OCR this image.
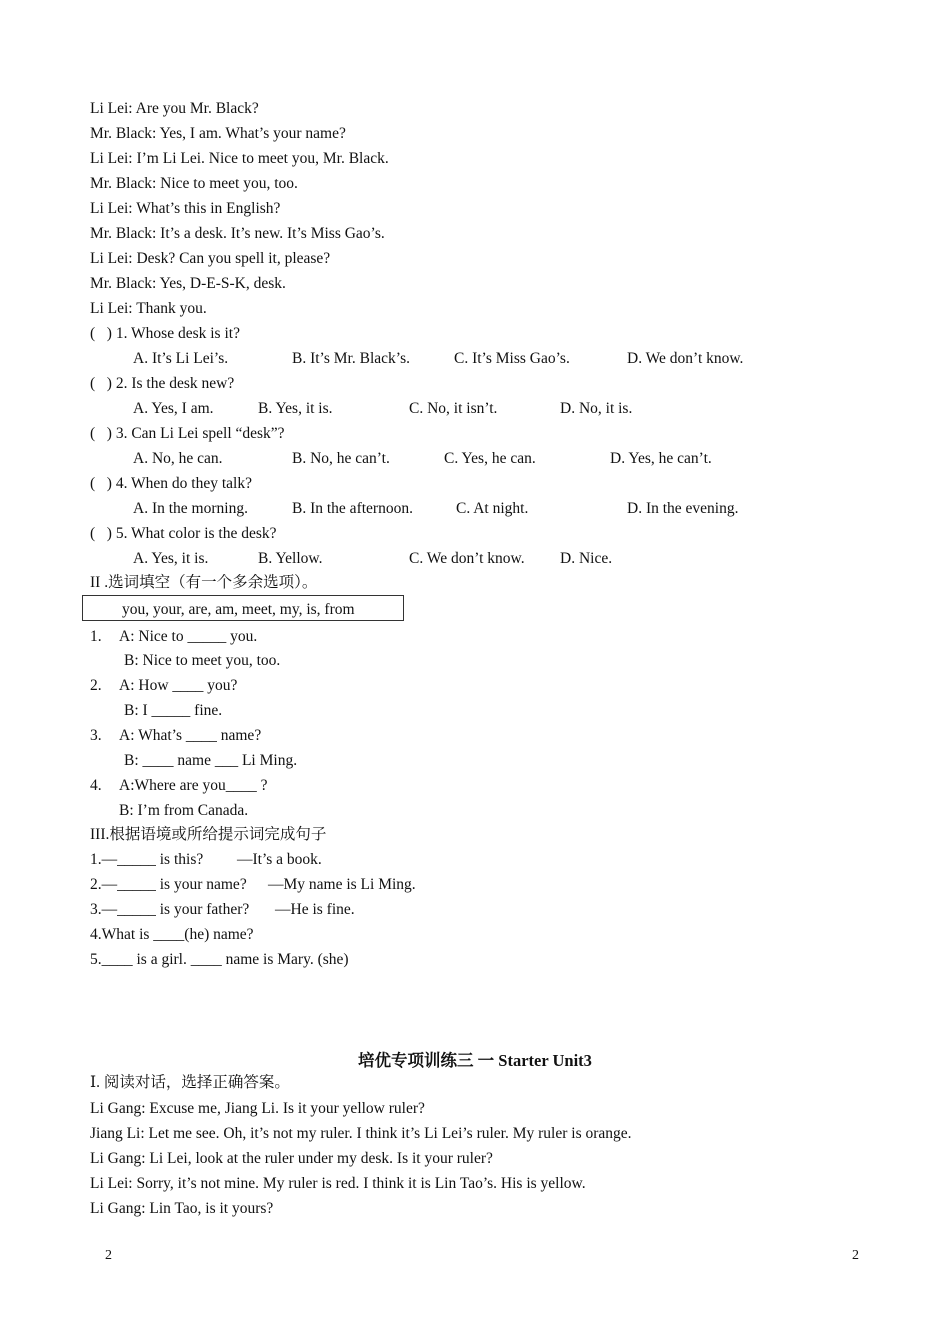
Li Lei: Are you Mr. Black?
Mr. Black: Yes, I am. What’s your name?
Li Lei: I’m Li Lei. Nice to meet you, Mr. Black.
Mr. Black: Nice to meet you, too.
Li Lei: What’s this in English?
Mr. Black: It’s a desk. It’s new. It’s Miss Gao’s.
Li Lei: Desk? Can you spell it, please?
Mr. Black: Yes, D-E-S-K, desk.
Li Lei: Thank you.
(   ) 1. Whose desk is it?
A. It’s Li Lei’s.	B. It’s Mr. Black’s.	C. It’s Miss Gao’s.	D. We don’t know.
(   ) 2. Is the desk new?
A. Yes, I am.	B. Yes, it is.	C. No, it isn’t.	D. No, it is.
(   ) 3. Can Li Lei spell “desk”?
A. No, he can.	B. No, he can’t.	C. Yes, he can.	D. Yes, he can’t.
(   ) 4. When do they talk?
A. In the morning.	B. In the afternoon.	C. At night.	D. In the evening.
(   ) 5. What color is the desk?
A. Yes, it is.	B. Yellow.	C. We don’t know. D. Nice.
II .选词填空（有一个多余选项）。
you, your, are, am, meet, my, is, from
1. A: Nice to _____ you.
B: Nice to meet you, too.
2. A: How ____ you?
B: I _____ fine.
3. A: What’s ____ name?
B: ____ name ___ Li Ming.
4. A:Where are you____ ?
B: I’m from Canada.
III.根据语境或所给提示词完成句子
1.—_____ is this? —It’s a book.
2.—_____ is your name? —My name is Li Ming.
3.—_____ is your father? —He is fine.
4.What is ____(he) name?
5.____ is a girl. ____ name is Mary. (she)
培优专项训练三 一 Starter Unit3
Ⅰ. 阅读对话，选择正确答案。
Li Gang: Excuse me, Jiang Li. Is it your yellow ruler?
Jiang Li: Let me see. Oh, it’s not my ruler. I think it’s Li Lei’s ruler. My ruler is orange.
Li Gang: Li Lei, look at the ruler under my desk. Is it your ruler?
Li Lei: Sorry, it’s not mine. My ruler is red. I think it is Lin Tao’s. His is yellow.
Li Gang: Lin Tao, is it yours?
2	2
